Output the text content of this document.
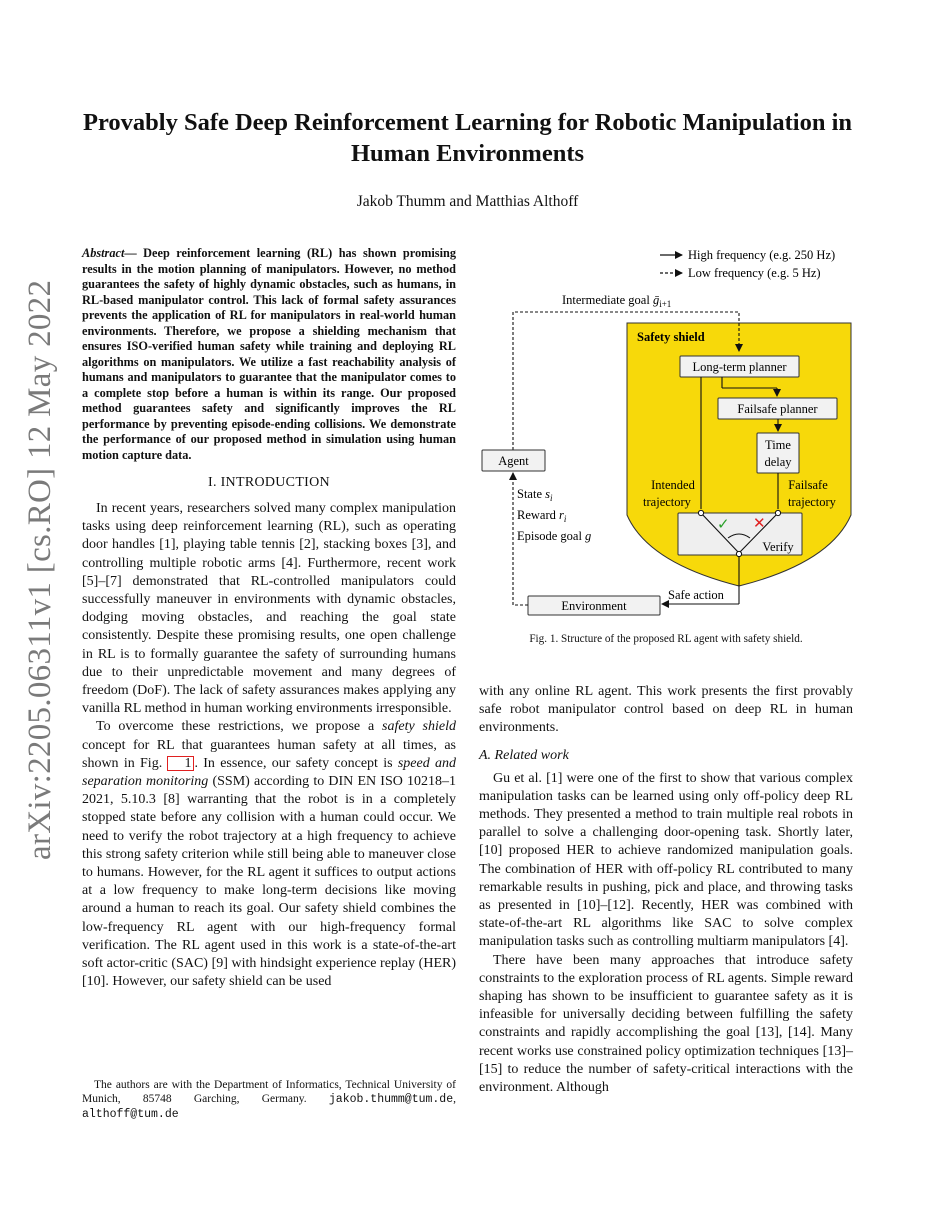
arXiv:2205.06311v1 [cs.RO] 12 May 2022
Provably Safe Deep Reinforcement Learning for Robotic Manipulation in Human Environments
Jakob Thumm and Matthias Althoff

Abstract— Deep reinforcement learning (RL) has shown promising results in the motion planning of manipulators. However, no method guarantees the safety of highly dynamic obstacles, such as humans, in RL-based manipulator control. This lack of formal safety assurances prevents the application of RL for manipulators in real-world human environments. Therefore, we propose a shielding mechanism that ensures ISO-verified human safety while training and deploying RL algorithms on manipulators. We utilize a fast reachability analysis of humans and manipulators to guarantee that the manipulator comes to a complete stop before a human is within its range. Our proposed method guarantees safety and significantly improves the RL performance by preventing episode-ending collisions. We demonstrate the performance of our proposed method in simulation using human motion capture data.

I. INTRODUCTION

In recent years, researchers solved many complex manipulation tasks using deep reinforcement learning (RL), such as operating door handles [1], playing table tennis [2], stacking boxes [3], and controlling multiple robotic arms [4]. Furthermore, recent work [5]–[7] demonstrated that RL-controlled manipulators could successfully maneuver in environments with dynamic obstacles, dodging moving obstacles, and reaching the goal state consistently. Despite these promising results, one open challenge in RL is to formally guarantee the safety of surrounding humans due to their unpredictable movement and many degrees of freedom (DoF). The lack of safety assurances makes applying any vanilla RL method in human working environments irresponsible.

To overcome these restrictions, we propose a safety shield concept for RL that guarantees human safety at all times, as shown in Fig. 1 . In essence, our safety concept is speed and separation monitoring (SSM) according to DIN EN ISO 10218–1 2021, 5.10.3 [8] warranting that the robot is in a completely stopped state before any collision with a human could occur. We need to verify the robot trajectory at a high frequency to achieve this strong safety criterion while still being able to maneuver close to humans. However, for the RL agent it suffices to output actions at a low frequency to make long-term decisions like moving around a human to reach its goal. Our safety shield combines the low-frequency RL agent with our high-frequency formal verification. The RL agent used in this work is a state-of-the-art soft actor-critic (SAC) [9] with hindsight experience replay (HER) [10]. However, our safety shield can be used

The authors are with the Department of Informatics, Technical University of Munich, 85748 Garching, Germany. jakob.thumm@tum.de, althoff@tum.de
High frequency (e.g. 250 Hz)
Low frequency (e.g. 5 Hz)
Intermediate goal ḡ$_{i+1}$
Safety shield
Long-term planner
Failsafe planner
Time
delay
Agent
Intended
trajectory
Failsafe
trajectory
✓ ✕
Verify
Safe action
Environment
State $s_i$
Reward $r_i$
Episode goal g
Fig. 1. Structure of the proposed RL agent with safety shield.

with any online RL agent. This work presents the first provably safe robot manipulator control based on deep RL in human environments.

A. Related work

Gu et al. [1] were one of the first to show that various complex manipulation tasks can be learned using only off-policy deep RL methods. They presented a method to train multiple real robots in parallel to solve a challenging door-opening task. Shortly later, [10] proposed HER to achieve randomized manipulation goals. The combination of HER with off-policy RL contributed to many remarkable results in pushing, pick and place, and throwing tasks as presented in [10]–[12]. Recently, HER was combined with state-of-the-art RL algorithms like SAC to solve complex manipulation tasks such as controlling multiarm manipulators [4].

There have been many approaches that introduce safety constraints to the exploration process of RL agents. Simple reward shaping has shown to be insufficient to guarantee safety as it is infeasible for universally deciding between fulfilling the safety constraints and rapidly accomplishing the goal [13], [14]. Many recent works use constrained policy optimization techniques [13]–[15] to reduce the number of safety-critical interactions with the environment. Although
